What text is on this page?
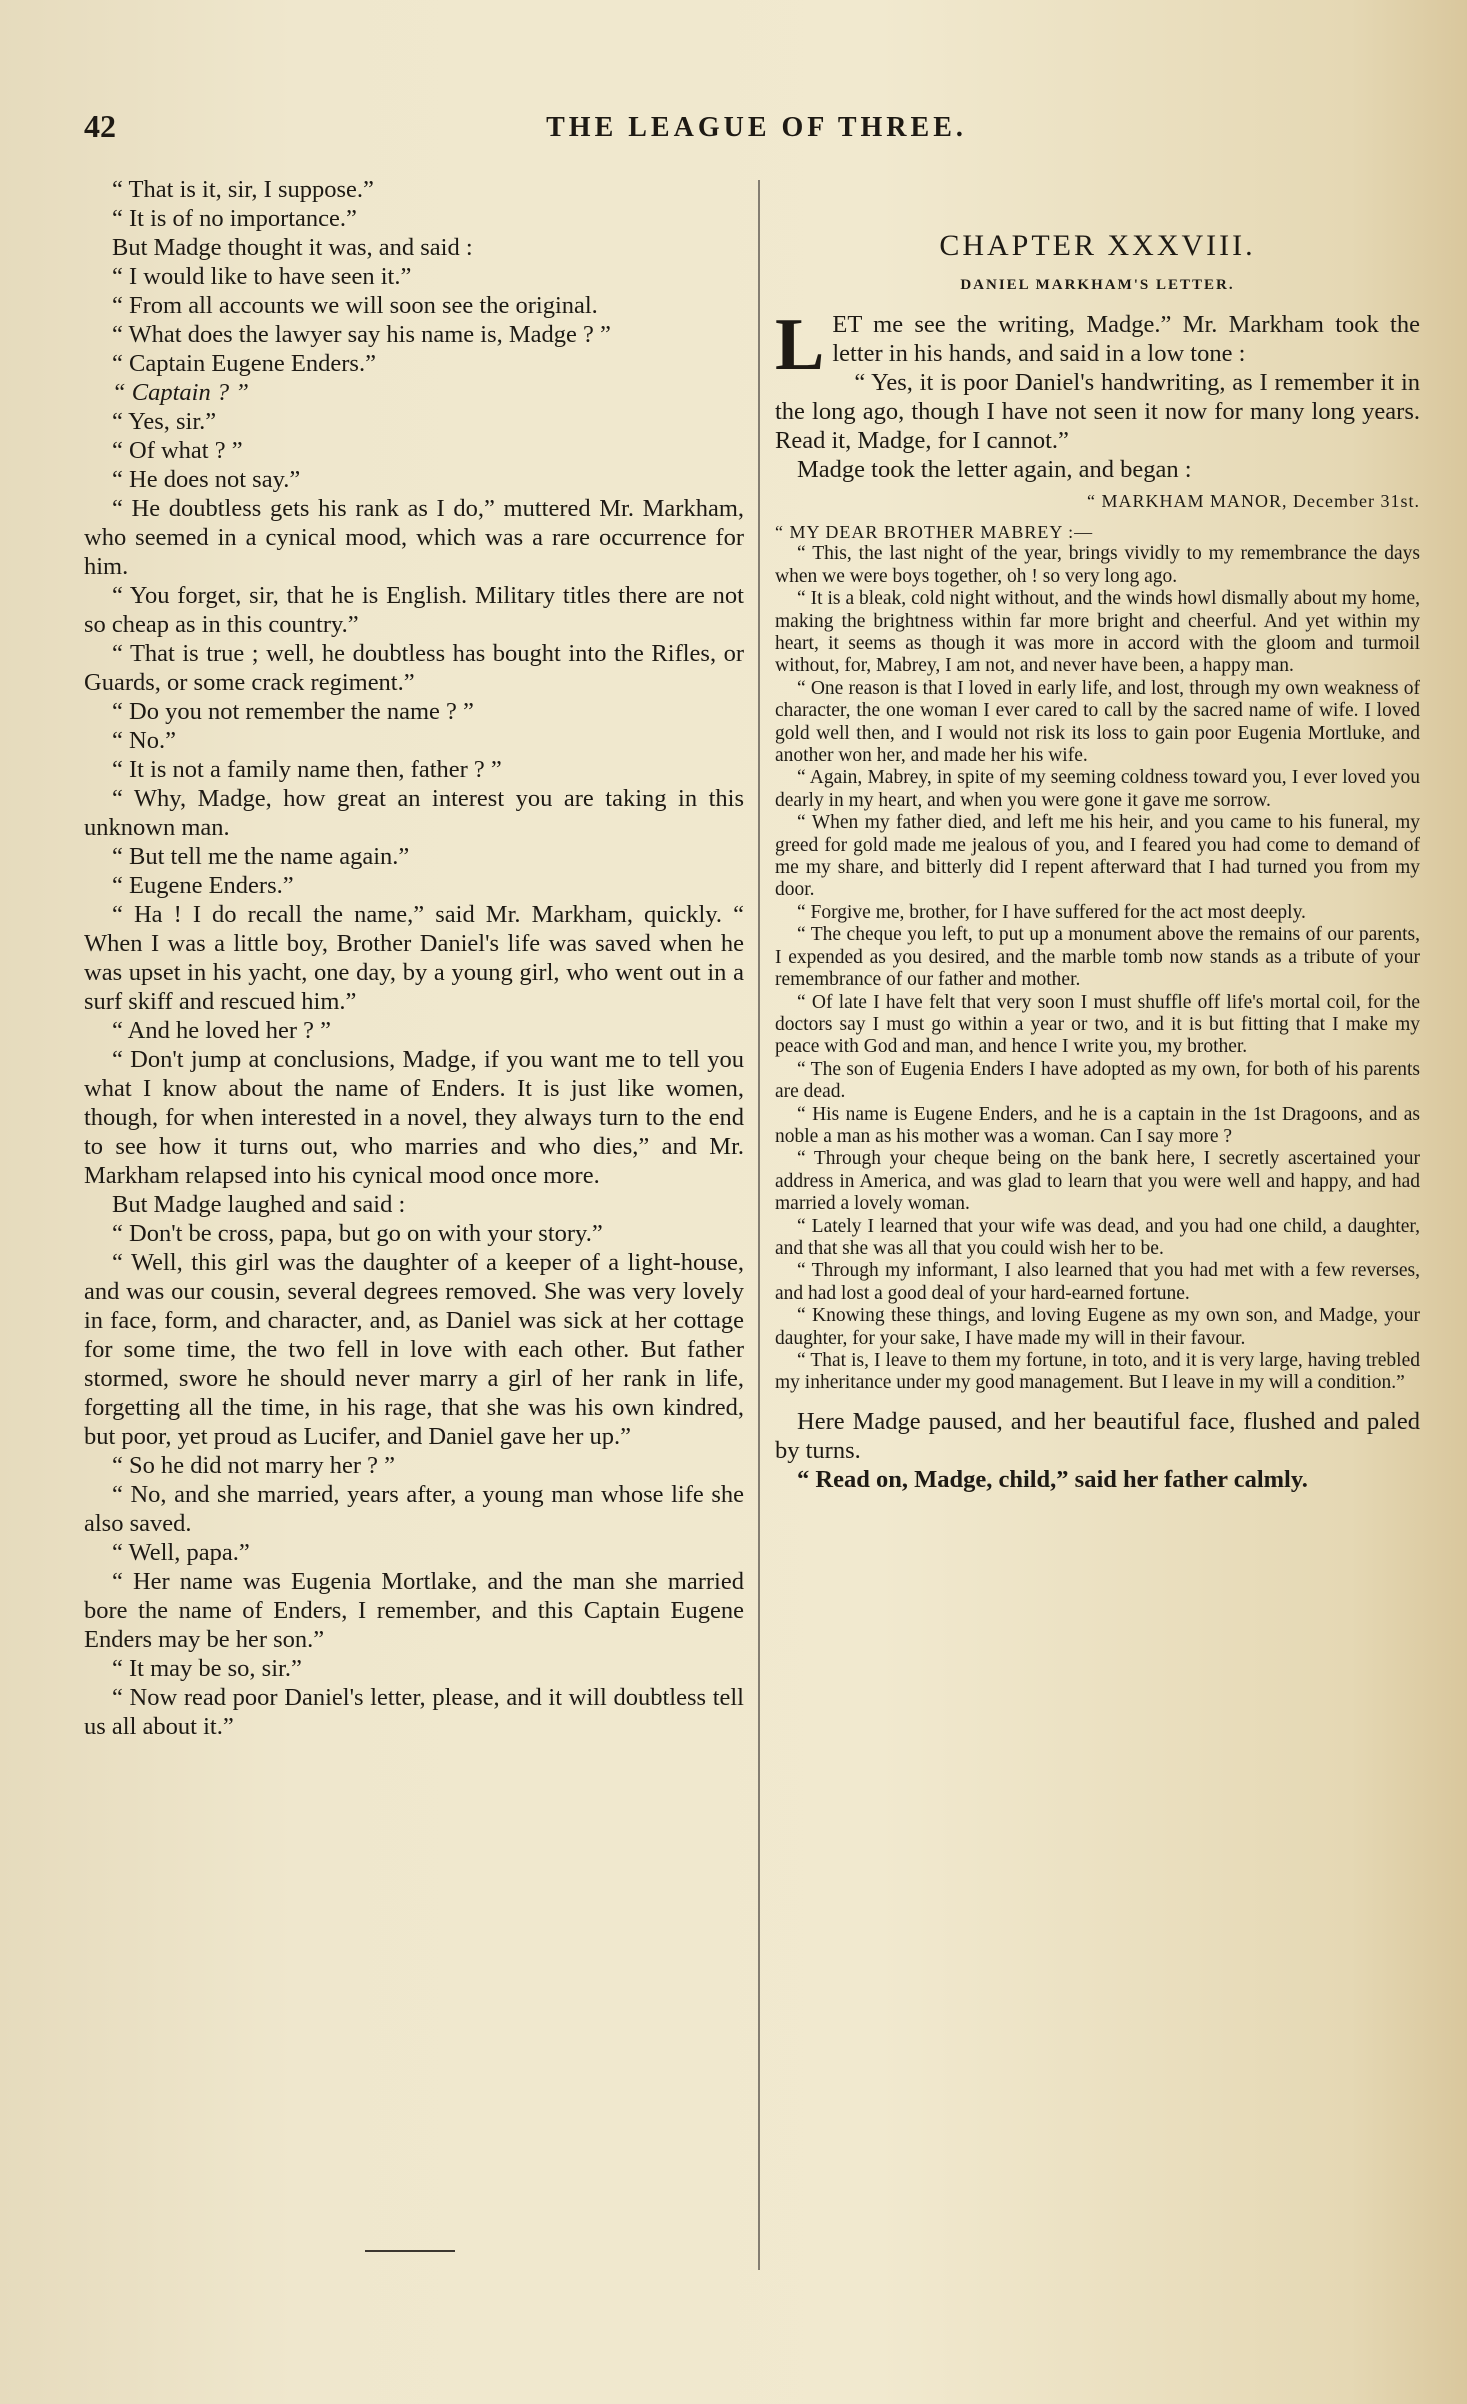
42	THE LEAGUE OF THREE.

“ That is it, sir, I suppose.”

“ It is of no importance.”

But Madge thought it was, and said :

“ I would like to have seen it.”

“ From all accounts we will soon see the original.

“ What does the lawyer say his name is, Madge ? ”

“ Captain Eugene Enders.”

“ Captain ? ”

“ Yes, sir.”

“ Of what ? ”

“ He does not say.”

“ He doubtless gets his rank as I do,” muttered Mr. Markham, who seemed in a cynical mood, which was a rare occurrence for him.

“ You forget, sir, that he is English. Military titles there are not so cheap as in this country.”

“ That is true ; well, he doubtless has bought into the Rifles, or Guards, or some crack regiment.”

“ Do you not remember the name ? ”

“ No.”

“ It is not a family name then, father ? ”

“ Why, Madge, how great an interest you are taking in this unknown man.

“ But tell me the name again.”

“ Eugene Enders.”

“ Ha ! I do recall the name,” said Mr. Markham, quickly. “ When I was a little boy, Brother Daniel's life was saved when he was upset in his yacht, one day, by a young girl, who went out in a surf skiff and rescued him.”

“ And he loved her ? ”

“ Don't jump at conclusions, Madge, if you want me to tell you what I know about the name of Enders. It is just like women, though, for when interested in a novel, they always turn to the end to see how it turns out, who marries and who dies,” and Mr. Markham relapsed into his cynical mood once more.

But Madge laughed and said :

“ Don't be cross, papa, but go on with your story.”

“ Well, this girl was the daughter of a keeper of a light-house, and was our cousin, several degrees removed. She was very lovely in face, form, and character, and, as Daniel was sick at her cottage for some time, the two fell in love with each other. But father stormed, swore he should never marry a girl of her rank in life, forgetting all the time, in his rage, that she was his own kindred, but poor, yet proud as Lucifer, and Daniel gave her up.”

“ So he did not marry her ? ”

“ No, and she married, years after, a young man whose life she also saved.

“ Well, papa.”

“ Her name was Eugenia Mortlake, and the man she married bore the name of Enders, I remember, and this Captain Eugene Enders may be her son.”

“ It may be so, sir.”

“ Now read poor Daniel's letter, please, and it will doubtless tell us all about it.”

CHAPTER XXXVIII.
DANIEL MARKHAM'S LETTER.

LET me see the writing, Madge.” Mr. Markham took the letter in his hands, and said in a low tone :

“ Yes, it is poor Daniel's handwriting, as I remember it in the long ago, though I have not seen it now for many long years. Read it, Madge, for I cannot.”

Madge took the letter again, and began :

“ MARKHAM MANOR, December 31st.

“ MY DEAR BROTHER MABREY :—

“ This, the last night of the year, brings vividly to my remembrance the days when we were boys together, oh ! so very long ago.

“ It is a bleak, cold night without, and the winds howl dismally about my home, making the brightness within far more bright and cheerful. And yet within my heart, it seems as though it was more in accord with the gloom and turmoil without, for, Mabrey, I am not, and never have been, a happy man.

“ One reason is that I loved in early life, and lost, through my own weakness of character, the one woman I ever cared to call by the sacred name of wife. I loved gold well then, and I would not risk its loss to gain poor Eugenia Mortluke, and another won her, and made her his wife.

“ Again, Mabrey, in spite of my seeming coldness toward you, I ever loved you dearly in my heart, and when you were gone it gave me sorrow.

“ When my father died, and left me his heir, and you came to his funeral, my greed for gold made me jealous of you, and I feared you had come to demand of me my share, and bitterly did I repent afterward that I had turned you from my door.

“ Forgive me, brother, for I have suffered for the act most deeply.

“ The cheque you left, to put up a monument above the remains of our parents, I expended as you desired, and the marble tomb now stands as a tribute of your remembrance of our father and mother.

“ Of late I have felt that very soon I must shuffle off life's mortal coil, for the doctors say I must go within a year or two, and it is but fitting that I make my peace with God and man, and hence I write you, my brother.

“ The son of Eugenia Enders I have adopted as my own, for both of his parents are dead.

“ His name is Eugene Enders, and he is a captain in the 1st Dragoons, and as noble a man as his mother was a woman. Can I say more ?

“ Through your cheque being on the bank here, I secretly ascertained your address in America, and was glad to learn that you were well and happy, and had married a lovely woman.

“ Lately I learned that your wife was dead, and you had one child, a daughter, and that she was all that you could wish her to be.

“ Through my informant, I also learned that you had met with a few reverses, and had lost a good deal of your hard-earned fortune.

“ Knowing these things, and loving Eugene as my own son, and Madge, your daughter, for your sake, I have made my will in their favour.

“ That is, I leave to them my fortune, in toto, and it is very large, having trebled my inheritance under my good management. But I leave in my will a condition.”

Here Madge paused, and her beautiful face, flushed and paled by turns.

“ Read on, Madge, child,” said her father calmly.
